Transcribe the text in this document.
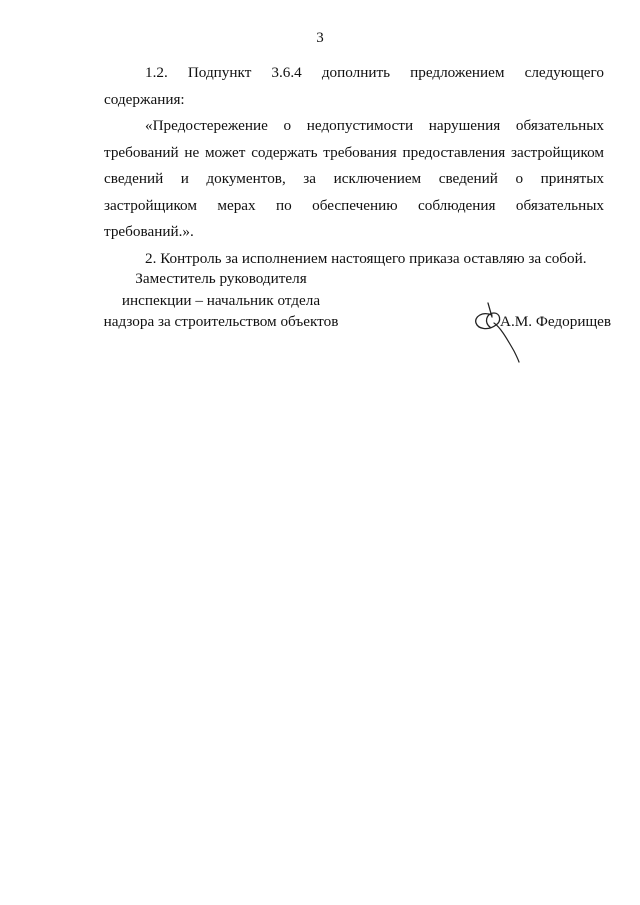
3

1.2. Подпункт 3.6.4 дополнить предложением следующего содержания:

«Предостережение о недопустимости нарушения обязательных требований не может содержать требования предоставления застройщиком сведений и документов, за исключением сведений о принятых застройщиком мерах по обеспечению соблюдения обязательных требований.».

2. Контроль за исполнением настоящего приказа оставляю за собой.

Заместитель руководителя
инспекции – начальник отдела
надзора за строительством объектов	А.М. Федорищев
